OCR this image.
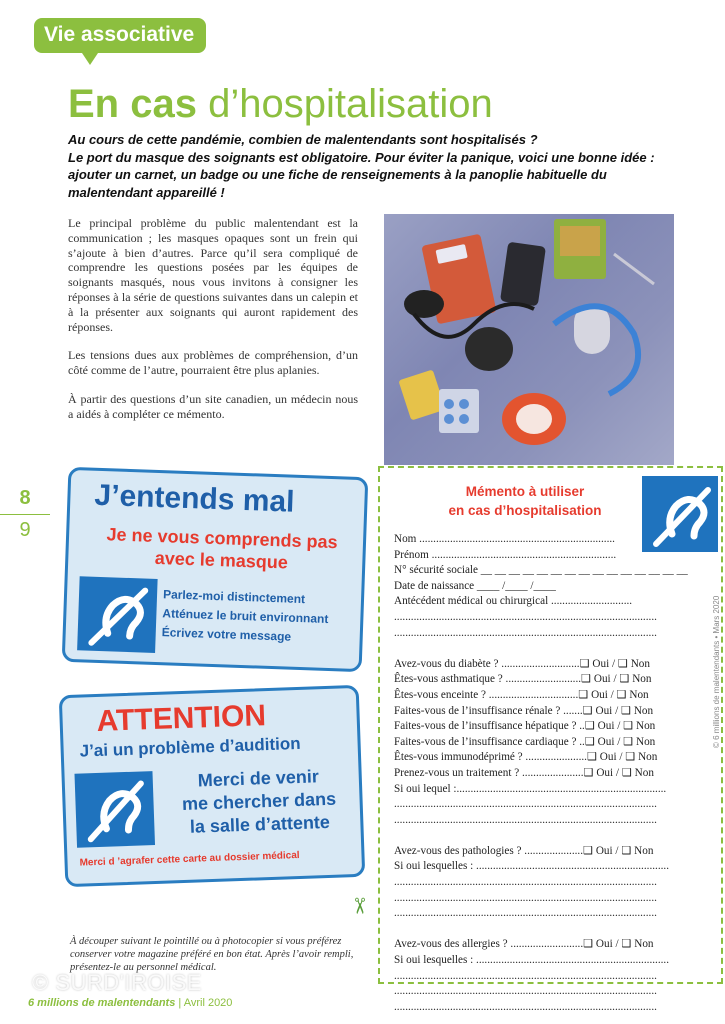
Vie associative
En cas d’hospitalisation
Au cours de cette pandémie, combien de malentendants sont hospitalisés ?
Le port du masque des soignants est obligatoire. Pour éviter la panique, voici une bonne idée : ajouter un carnet, un badge ou une fiche de renseignements à la panoplie habituelle du malentendant appareillé !

Le principal problème du public malentendant est la communication ; les masques opaques sont un frein qui s’ajoute à bien d’autres. Parce qu’il sera compliqué de comprendre les questions posées par les équipes de soignants masqués, nous vous invitons à consigner les réponses à la série de questions suivantes dans un calepin et à la présenter aux soignants qui auront rapidement des réponses.

Les tensions dues aux problèmes de compréhension, d’un côté comme de l’autre, pourraient être plus aplanies.

À partir des questions d’un site canadien, un médecin nous a aidés à compléter ce mémento.

8
9
J’entends mal
Je ne vous comprends pas avec le masque
Parlez-moi distinctement
Atténuez le bruit environnant
Écrivez votre message
ATTENTION
J’ai un problème d’audition
Merci de venir
me chercher dans
la salle d’attente
Merci d ’agrafer cette carte au dossier médical
À découper suivant le pointillé ou à photocopier si vous préférez conserver votre magazine préféré en bon état. Après l’avoir rempli, présentez-le au personnel médical.
✂
© SURD'IROISE
6 millions de malentendants | Avril 2020
Mémento à utiliser
en cas d’hospitalisation
Nom ......................................................................
Prénom ..................................................................
N° sécurité sociale __ __ __ __ __ __ __ __ __ __ __ __ __ __ __
Date de naissance ____ /____ /____
Antécédent médical ou chirurgical .............................
..............................................................................................
..............................................................................................
Avez-vous du diabète ? ............................❑ Oui / ❑ Non
Êtes-vous asthmatique ? ...........................❑ Oui / ❑ Non
Êtes-vous enceinte ? ................................❑ Oui / ❑ Non
Faites-vous de l’insuffisance rénale ? .......❑ Oui / ❑ Non
Faites-vous de l’insuffisance hépatique ? ..❑ Oui / ❑ Non
Faites-vous de l’insuffisance cardiaque ? ..❑ Oui / ❑ Non
Êtes-vous immunodéprimé ? ......................❑ Oui / ❑ Non
Prenez-vous un traitement ? ......................❑ Oui / ❑ Non
Si oui lequel :...........................................................................
..............................................................................................
..............................................................................................
Avez-vous des pathologies ? .....................❑ Oui / ❑ Non
Si oui lesquelles : .....................................................................
..............................................................................................
..............................................................................................
..............................................................................................
Avez-vous des allergies ? ..........................❑ Oui / ❑ Non
Si oui lesquelles : .....................................................................
..............................................................................................
..............................................................................................
..............................................................................................
© 6 millions de malentendants • Mars 2020
